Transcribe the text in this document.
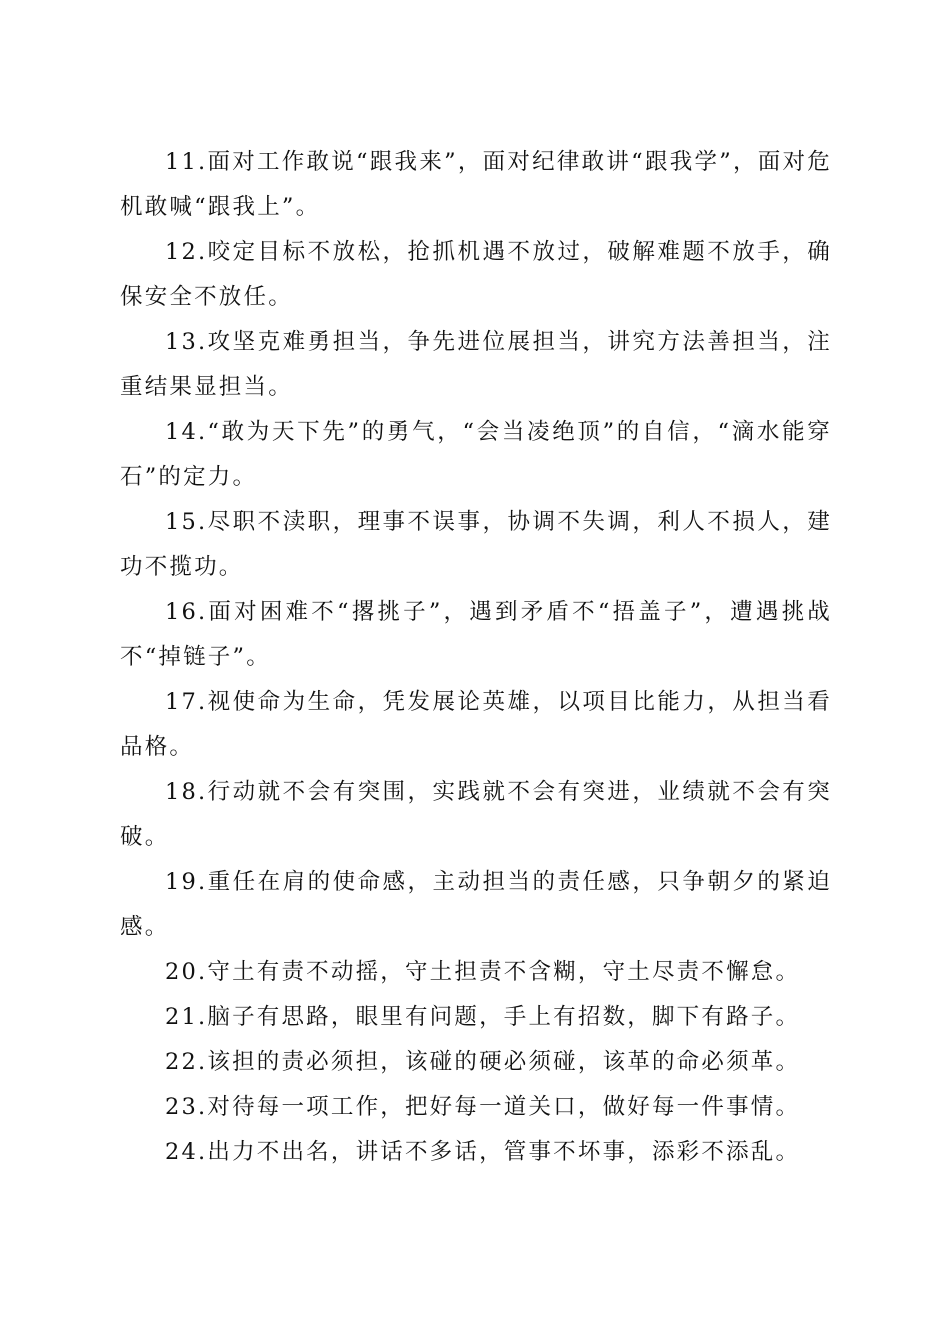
11.面对工作敢说“跟我来”，面对纪律敢讲“跟我学”，面对危机敢喊“跟我上”。

12.咬定目标不放松，抢抓机遇不放过，破解难题不放手，确保安全不放任。

13.攻坚克难勇担当，争先进位展担当，讲究方法善担当，注重结果显担当。

14.“敢为天下先”的勇气，“会当凌绝顶”的自信，“滴水能穿石”的定力。

15.尽职不渎职，理事不误事，协调不失调，利人不损人，建功不揽功。

16.面对困难不“撂挑子”，遇到矛盾不“捂盖子”，遭遇挑战不“掉链子”。

17.视使命为生命，凭发展论英雄，以项目比能力，从担当看品格。

18.行动就不会有突围，实践就不会有突进，业绩就不会有突破。

19.重任在肩的使命感，主动担当的责任感，只争朝夕的紧迫感。

20.守土有责不动摇，守土担责不含糊，守土尽责不懈怠。

21.脑子有思路，眼里有问题，手上有招数，脚下有路子。

22.该担的责必须担，该碰的硬必须碰，该革的命必须革。

23.对待每一项工作，把好每一道关口，做好每一件事情。

24.出力不出名，讲话不多话，管事不坏事，添彩不添乱。
